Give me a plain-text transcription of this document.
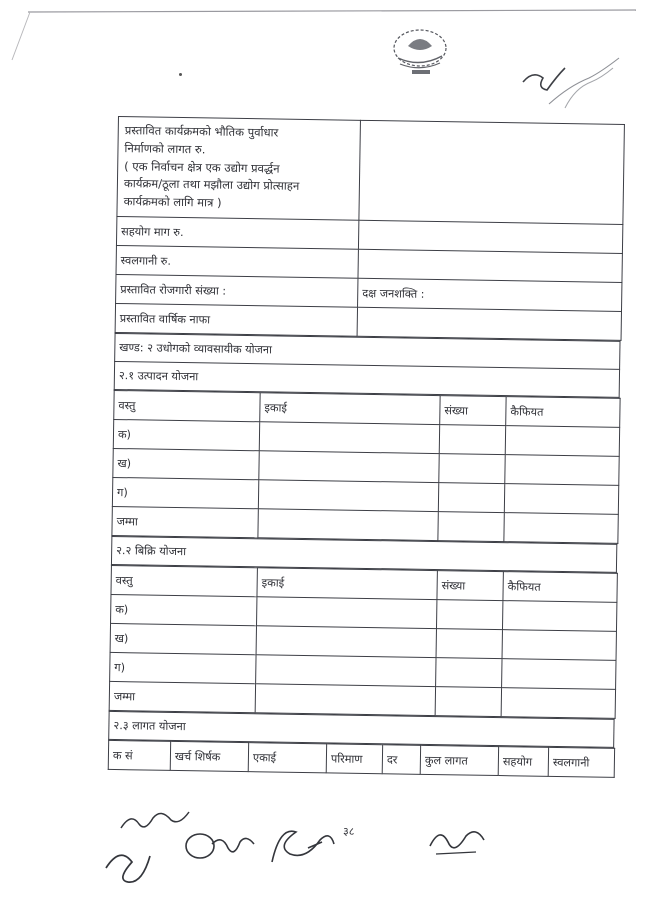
प्रस्तावित कार्यक्रमको भौतिक पुर्वाधार
निर्माणको लागत रु.
( एक निर्वाचन क्षेत्र एक उद्योग प्रवर्द्धन
कार्यक्रम/ठूला तथा मझौला उद्योग प्रोत्साहन
कार्यक्रमको लागि मात्र )	

सहयोग माग रु.	
स्वलगानी रु.	
प्रस्तावित रोजगारी संख्या :	दक्ष जनशक्ति :
प्रस्तावित वार्षिक नाफा	
खण्ड: २ उधोगको व्यावसायीक योजना
२.१ उत्पादन योजना
वस्तु	इकाई	संख्या	कैफियत
क)			
ख)			
ग)			
जम्मा			
२.२ बिक्रि योजना
वस्तु	इकाई	संख्या	कैफियत
क)			
ख)			
ग)			
जम्मा			
२.३ लागत योजना
क सं	खर्च शिर्षक	एकाई	परिमाण	दर	कुल लागत	सहयोग	स्वलगानी
३८
